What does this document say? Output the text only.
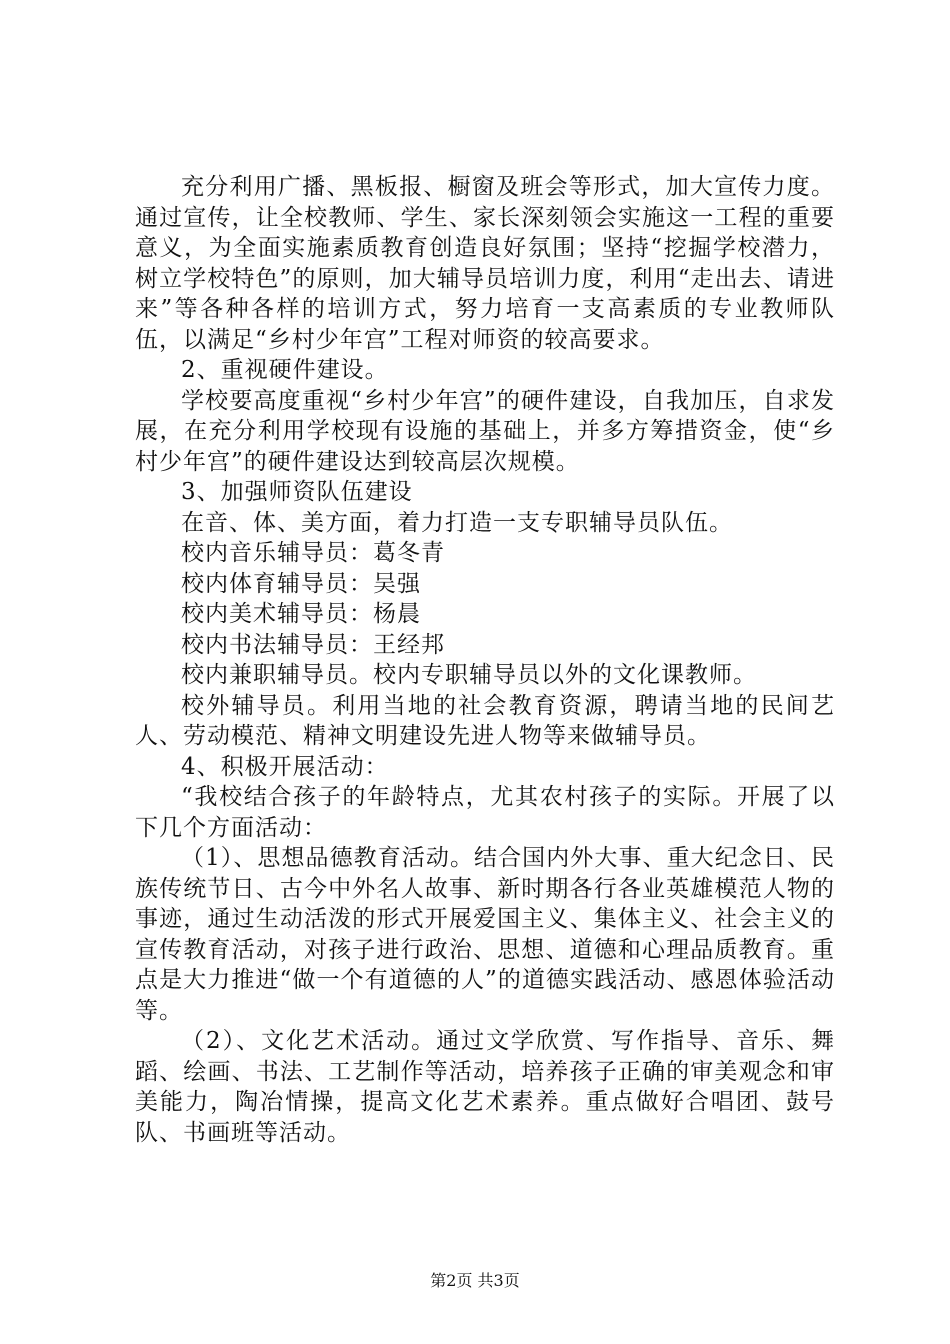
充分利用广播、黑板报、橱窗及班会等形式，加大宣传力度。通过宣传，让全校教师、学生、家长深刻领会实施这一工程的重要意义，为全面实施素质教育创造良好氛围；坚持“挖掘学校潜力，树立学校特色”的原则，加大辅导员培训力度，利用“走出去、请进来”等各种各样的培训方式，努力培育一支高素质的专业教师队伍，以满足“乡村少年宫”工程对师资的较高要求。

2、重视硬件建设。

学校要高度重视“乡村少年宫”的硬件建设，自我加压，自求发展，在充分利用学校现有设施的基础上，并多方筹措资金，使“乡村少年宫”的硬件建设达到较高层次规模。

3、加强师资队伍建设

在音、体、美方面，着力打造一支专职辅导员队伍。

校内音乐辅导员：葛冬青

校内体育辅导员：吴强

校内美术辅导员：杨晨

校内书法辅导员：王经邦

校内兼职辅导员。校内专职辅导员以外的文化课教师。

校外辅导员。利用当地的社会教育资源，聘请当地的民间艺人、劳动模范、精神文明建设先进人物等来做辅导员。

4、积极开展活动：

“我校结合孩子的年龄特点，尤其农村孩子的实际。开展了以下几个方面活动：

（1）、思想品德教育活动。结合国内外大事、重大纪念日、民族传统节日、古今中外名人故事、新时期各行各业英雄模范人物的事迹，通过生动活泼的形式开展爱国主义、集体主义、社会主义的宣传教育活动，对孩子进行政治、思想、道德和心理品质教育。重点是大力推进“做一个有道德的人”的道德实践活动、感恩体验活动等。

（2）、文化艺术活动。通过文学欣赏、写作指导、音乐、舞蹈、绘画、书法、工艺制作等活动，培养孩子正确的审美观念和审美能力，陶冶情操，提高文化艺术素养。重点做好合唱团、鼓号队、书画班等活动。

第2页 共3页
